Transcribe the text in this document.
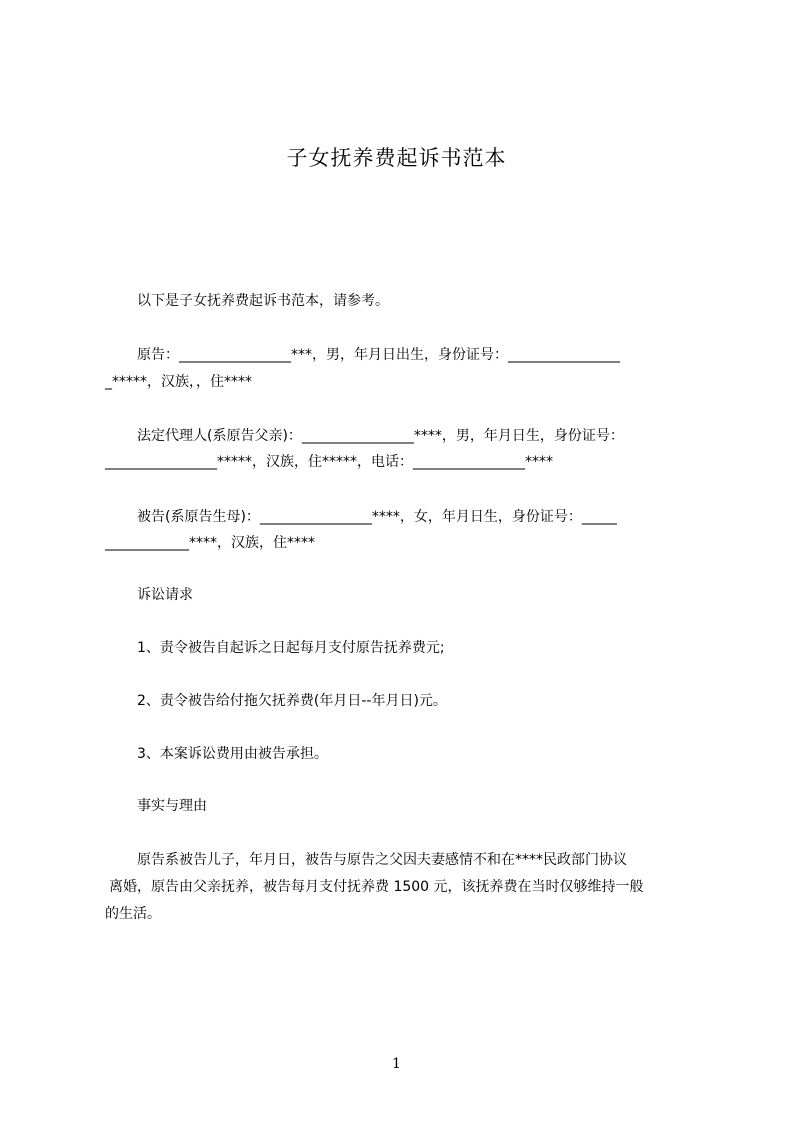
子女抚养费起诉书范本
以下是子女抚养费起诉书范本，请参考。
原告：________________***，男，年月日出生，身份证号：________________
_*****，汉族，，住****
法定代理人(系原告父亲)：________________****，男，年月日生，身份证号：
________________*****，汉族，住*****，电话：________________****
被告(系原告生母)：________________****，女，年月日生，身份证号：_____
____________****，汉族，住****
诉讼请求
1、责令被告自起诉之日起每月支付原告抚养费元;
2、责令被告给付拖欠抚养费(年月日--年月日)元。
3、本案诉讼费用由被告承担。
事实与理由
原告系被告儿子，年月日，被告与原告之父因夫妻感情不和在****民政部门协议
离婚，原告由父亲抚养，被告每月支付抚养费 1500 元，该抚养费在当时仅够维持一般
的生活。
1
